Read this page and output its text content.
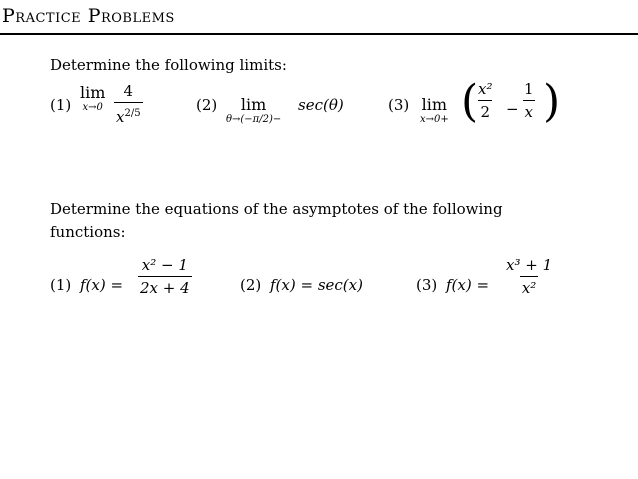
Practice Problems
Determine the following limits:
(1)
lim
$x\to 0 \frac{4}{x^{2/5}}$	(2) lim
θ→(−π/2)−
sec(θ)	(3) lim
x→0+ (
$\frac{\text{x²}}{2} - \frac{1}{x}$ )
Determine the equations of the asymptotes of the following
functions:
(1) $f(x) = \frac{\text{x² − 1}}{2x + 4}$	(2) f(x) = sec(x)	(3) $f(x) = \frac{\text{x³ + 1}}{\text{x²}}$
